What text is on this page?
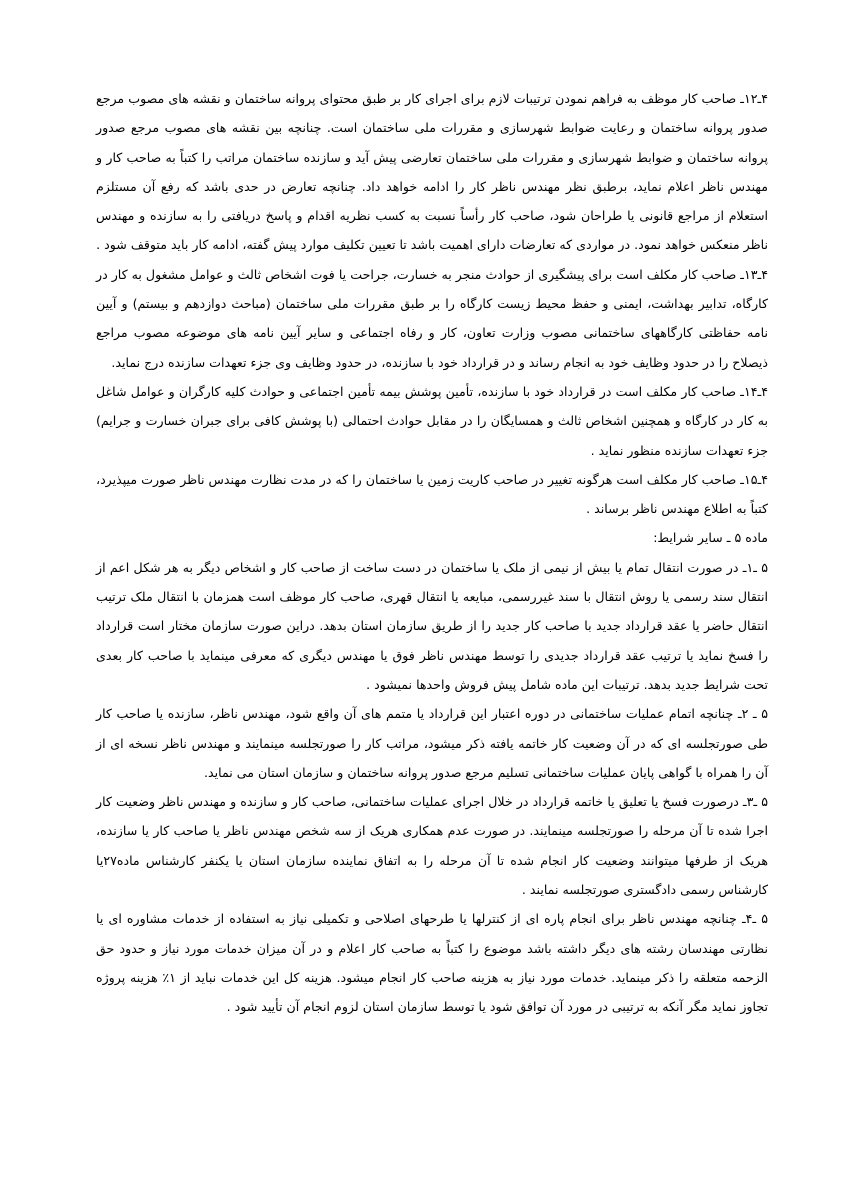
۴ـ۱۲ـ صاحب کار موظف به فراهم نمودن ترتیبات لازم برای اجرای کار بر طبق محتوای پروانه ساختمان و نقشه های مصوب مرجع صدور پروانه ساختمان و رعایت ضوابط شهرسازی و مقررات ملی ساختمان است. چنانچه بین نقشه های مصوب مرجع صدور پروانه ساختمان و ضوابط شهرسازی و مقررات ملی ساختمان تعارضی پیش آید و سازنده ساختمان مراتب را کتباً به صاحب کار و مهندس ناظر اعلام نماید، برطبق نظر مهندس ناظر کار را ادامه خواهد داد. چنانچه تعارض در حدی باشد که رفع آن مستلزم استعلام از مراجع قانونی یا طراحان شود، صاحب کار رأساً نسبت به کسب نظریه اقدام و پاسخ دریافتی را به سازنده و مهندس ناظر منعکس خواهد نمود. در مواردی که تعارضات دارای اهمیت باشد تا تعیین تکلیف موارد پیش گفته، ادامه کار باید متوقف شود .

۴ـ۱۳ـ صاحب کار مکلف است برای پیشگیری از حوادث منجر به خسارت، جراحت یا فوت اشخاص ثالث و عوامل مشغول به کار در کارگاه، تدابیر بهداشت، ایمنی و حفظ محیط زیست کارگاه را بر طبق مقررات ملی ساختمان (مباحث دوازدهم و بیستم) و آیین نامه حفاظتی کارگاههای ساختمانی مصوب وزارت تعاون، کار و رفاه اجتماعی و سایر آیین نامه های موضوعه مصوب مراجع ذیصلاح را در حدود وظایف خود به انجام رساند و در قرارداد خود با سازنده، در حدود وظایف وی جزء تعهدات سازنده درج نماید.

۴ـ۱۴ـ صاحب کار مکلف است در قرارداد خود با سازنده، تأمین پوشش بیمه تأمین اجتماعی و حوادث کلیه کارگران و عوامل شاغل به کار در کارگاه و همچنین اشخاص ثالث و همسایگان را در مقابل حوادث احتمالی (با پوشش کافی برای جبران خسارت و جرایم) جزء تعهدات سازنده منظور نماید .

۴ـ۱۵ـ صاحب کار مکلف است هرگونه تغییر در صاحب کاریت زمین یا ساختمان را که در مدت نظارت مهندس ناظر صورت میپذیرد، کتباً به اطلاع مهندس ناظر برساند .

ماده ۵ ـ سایر شرایط:

۵ ـ۱ـ در صورت انتقال تمام یا بیش از نیمی از ملک یا ساختمان در دست ساخت از صاحب کار و اشخاص دیگر به هر شکل اعم از انتقال سند رسمی یا روش انتقال با سند غیررسمی، مبایعه یا انتقال قهری، صاحب کار موظف است همزمان با انتقال ملک ترتیب انتقال حاضر یا عقد قرارداد جدید با صاحب کار جدید را از طریق سازمان استان بدهد. دراین صورت سازمان مختار است قرارداد را فسخ نماید یا ترتیب عقد قرارداد جدیدی را توسط مهندس ناظر فوق یا مهندس دیگری که معرفی مینماید با صاحب کار بعدی تحت شرایط جدید بدهد. ترتیبات این ماده شامل پیش فروش واحدها نمیشود .

۵ ـ ۲ـ چنانچه اتمام عملیات ساختمانی در دوره اعتبار این قرارداد یا متمم های آن واقع شود، مهندس ناظر، سازنده یا صاحب کار طی صورتجلسه ای که در آن وضعیت کار خاتمه یافته ذکر میشود، مراتب کار را صورتجلسه مینمایند و مهندس ناظر نسخه ای از آن را همراه با گواهی پایان عملیات ساختمانی تسلیم مرجع صدور پروانه ساختمان و سازمان استان می نماید.

۵ ـ۳ـ درصورت فسخ یا تعلیق یا خاتمه قرارداد در خلال اجرای عملیات ساختمانی، صاحب کار و سازنده و مهندس ناظر وضعیت کار اجرا شده تا آن مرحله را صورتجلسه مینمایند. در صورت عدم همکاری هریک از سه شخص مهندس ناظر یا صاحب کار یا سازنده، هریک از طرفها میتوانند وضعیت کار انجام شده تا آن مرحله را به اتفاق نماینده سازمان استان یا یکنفر کارشناس ماده۲۷یا کارشناس رسمی دادگستری صورتجلسه نمایند .

۵ ـ۴ـ چنانچه مهندس ناظر برای انجام پاره ای از کنترلها یا طرحهای اصلاحی و تکمیلی نیاز به استفاده از خدمات مشاوره ای یا نظارتی مهندسان رشته های دیگر داشته باشد موضوع را کتباً به صاحب کار اعلام و در آن میزان خدمات مورد نیاز و حدود حق الزحمه متعلقه را ذکر مینماید. خدمات مورد نیاز به هزینه صاحب کار انجام میشود. هزینه کل این خدمات نباید از ۱٪ هزینه پروژه تجاوز نماید مگر آنکه به ترتیبی در مورد آن توافق شود یا توسط سازمان استان لزوم انجام آن تأیید شود .
